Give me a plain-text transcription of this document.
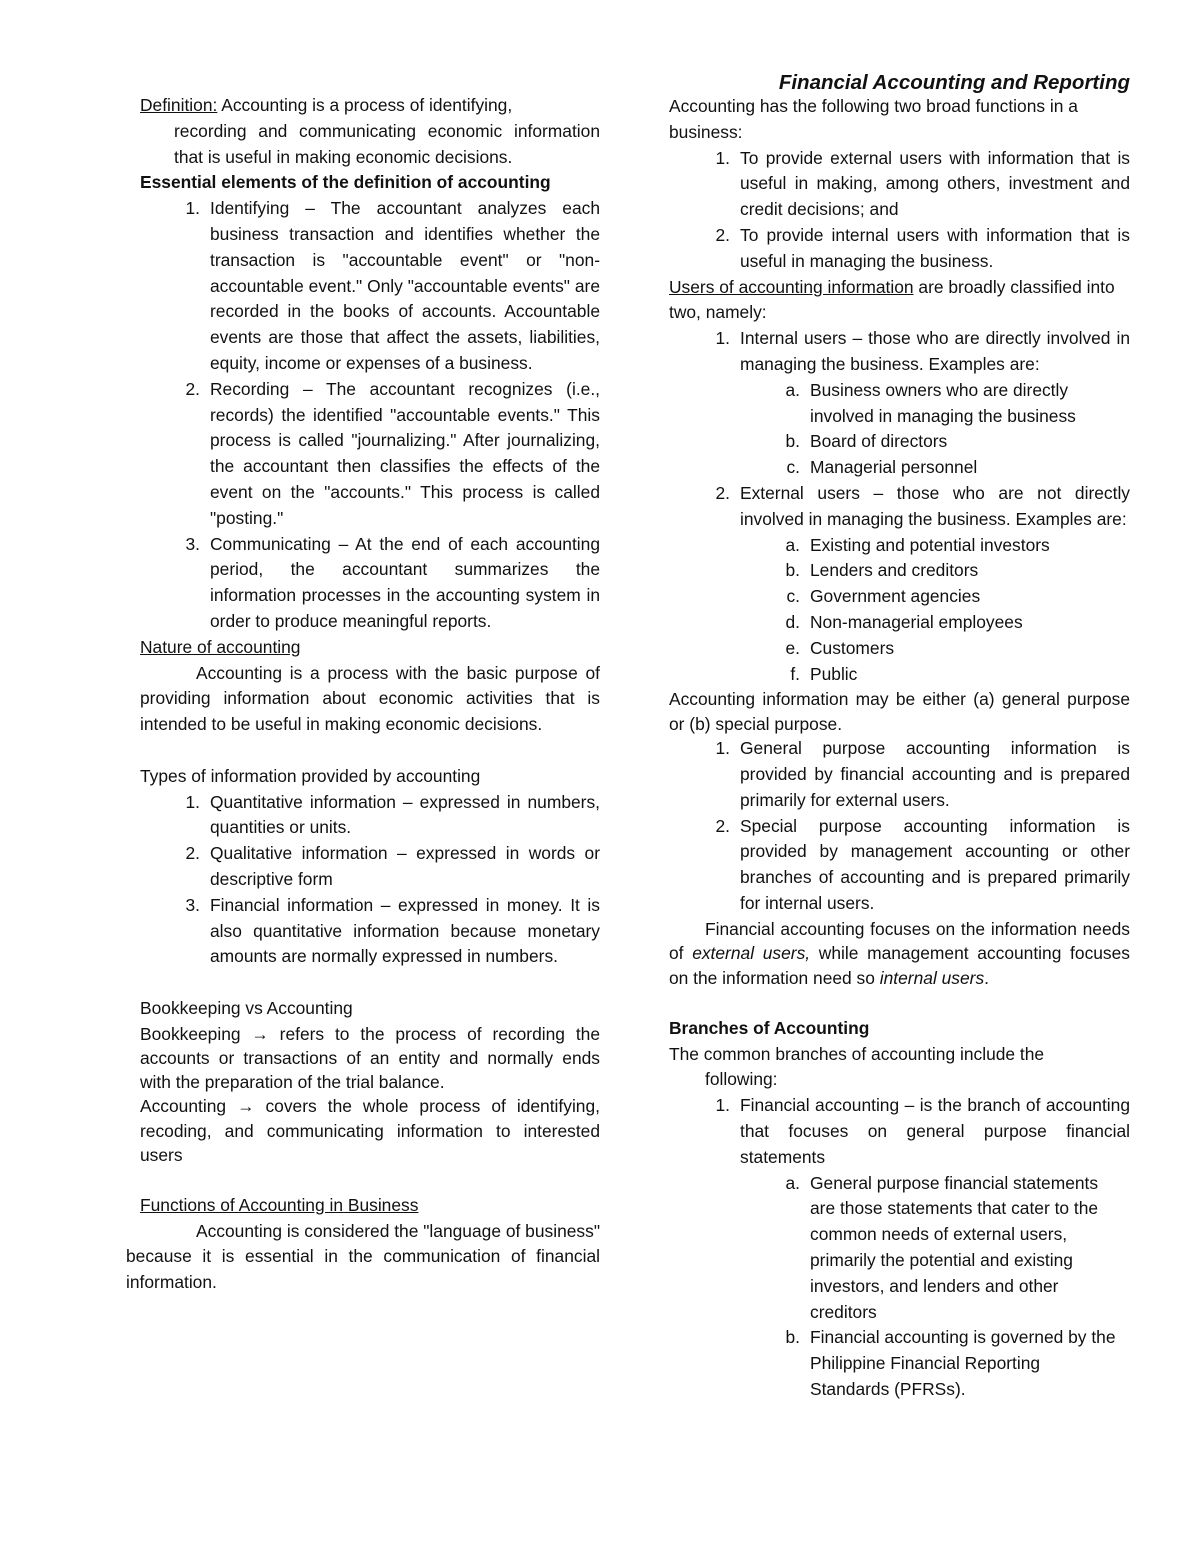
Financial Accounting and Reporting
Definition: Accounting is a process of identifying,
recording and communicating economic information that is useful in making economic decisions.
Essential elements of the definition of accounting
1. Identifying – The accountant analyzes each business transaction and identifies whether the transaction is "accountable event" or "non-accountable event." Only "accountable events" are recorded in the books of accounts. Accountable events are those that affect the assets, liabilities, equity, income or expenses of a business.
2. Recording – The accountant recognizes (i.e., records) the identified "accountable events." This process is called "journalizing." After journalizing, the accountant then classifies the effects of the event on the "accounts." This process is called "posting."
3. Communicating – At the end of each accounting period, the accountant summarizes the information processes in the accounting system in order to produce meaningful reports.
Nature of accounting

Accounting is a process with the basic purpose of providing information about economic activities that is intended to be useful in making economic decisions.

Types of information provided by accounting
1. Quantitative information – expressed in numbers, quantities or units.
2. Qualitative information – expressed in words or descriptive form
3. Financial information – expressed in money. It is also quantitative information because monetary amounts are normally expressed in numbers.
Bookkeeping vs Accounting

Bookkeeping → refers to the process of recording the accounts or transactions of an entity and normally ends with the preparation of the trial balance.

Accounting → covers the whole process of identifying, recoding, and communicating information to interested users

Functions of Accounting in Business

Accounting is considered the "language of business" because it is essential in the communication of financial information.

Accounting has the following two broad functions in a business:

1. To provide external users with information that is useful in making, among others, investment and credit decisions; and
2. To provide internal users with information that is useful in managing the business.

Users of accounting information are broadly classified into two, namely:

1. Internal users – those who are directly involved in managing the business. Examples are:
a. Business owners who are directly involved in managing the business
b. Board of directors
c. Managerial personnel
2. External users – those who are not directly involved in managing the business. Examples are:
a. Existing and potential investors
b. Lenders and creditors
c. Government agencies
d. Non-managerial employees
e. Customers
f. Public

Accounting information may be either (a) general purpose or (b) special purpose.

1. General purpose accounting information is provided by financial accounting and is prepared primarily for external users.
2. Special purpose accounting information is provided by management accounting or other branches of accounting and is prepared primarily for internal users.

Financial accounting focuses on the information needs of external users, while management accounting focuses on the information need so internal users.

Branches of Accounting
The common branches of accounting include the
following:
1. Financial accounting – is the branch of accounting that focuses on general purpose financial statements
a. General purpose financial statements are those statements that cater to the common needs of external users, primarily the potential and existing investors, and lenders and other creditors
b. Financial accounting is governed by the Philippine Financial Reporting Standards (PFRSs).
